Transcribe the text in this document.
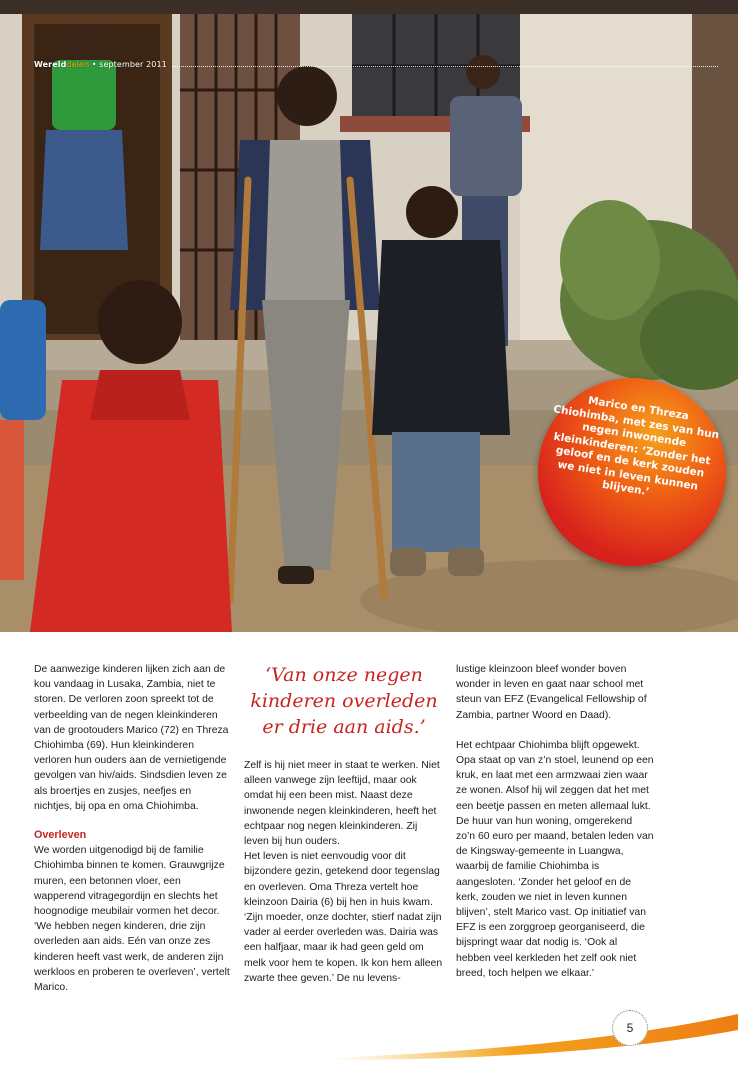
Werelddelen • september 2011
Marico en Threza Chiohimba, met zes van hun negen inwonende kleinkinderen: ‘Zonder het geloof en de kerk zouden we niet in leven kunnen blijven.’

De aanwezige kinderen lijken zich aan de kou vandaag in Lusaka, Zambia, niet te storen. De verloren zoon spreekt tot de verbeelding van de negen kleinkinderen van de grootouders Marico (72) en Threza Chiohimba (69). Hun kleinkinderen verloren hun ouders aan de vernietigende gevolgen van hiv/aids. Sindsdien leven ze als broertjes en zusjes, neefjes en nichtjes, bij opa en oma Chiohimba.

Overleven

We worden uitgenodigd bij de familie Chiohimba binnen te komen. Grauwgrijze muren, een betonnen vloer, een wapperend vitragegordijn en slechts het hoognodige meubilair vormen het decor. ‘We hebben negen kinderen, drie zijn overleden aan aids. Eén van onze zes kinderen heeft vast werk, de anderen zijn werkloos en proberen te overleven’, vertelt Marico.

‘Van onze negen kinderen overleden er drie aan aids.’

Zelf is hij niet meer in staat te werken. Niet alleen vanwege zijn leeftijd, maar ook omdat hij een been mist. Naast deze inwonende negen kleinkinderen, heeft het echtpaar nog negen kleinkinderen. Zij leven bij hun ouders.

Het leven is niet eenvoudig voor dit bijzondere gezin, getekend door tegenslag en overleven. Oma Threza vertelt hoe kleinzoon Dairia (6) bij hen in huis kwam. ‘Zijn moeder, onze dochter, stierf nadat zijn vader al eerder overleden was. Dairia was een halfjaar, maar ik had geen geld om melk voor hem te kopen. Ik kon hem alleen zwarte thee geven.’ De nu levens-

lustige kleinzoon bleef wonder boven wonder in leven en gaat naar school met steun van EFZ (Evangelical Fellowship of Zambia, partner Woord en Daad).

Het echtpaar Chiohimba blijft opgewekt. Opa staat op van z’n stoel, leunend op een kruk, en laat met een armzwaai zien waar ze wonen. Alsof hij wil zeggen dat het met een beetje passen en meten allemaal lukt. De huur van hun woning, omgerekend zo’n 60 euro per maand, betalen leden van de Kingsway-gemeente in Luangwa, waarbij de familie Chiohimba is aangesloten. ‘Zonder het geloof en de kerk, zouden we niet in leven kunnen blijven’, stelt Marico vast. Op initiatief van EFZ is een zorggroep georganiseerd, die bijspringt waar dat nodig is. ‘Ook al hebben veel kerkleden het zelf ook niet breed, toch helpen we elkaar.’

5
